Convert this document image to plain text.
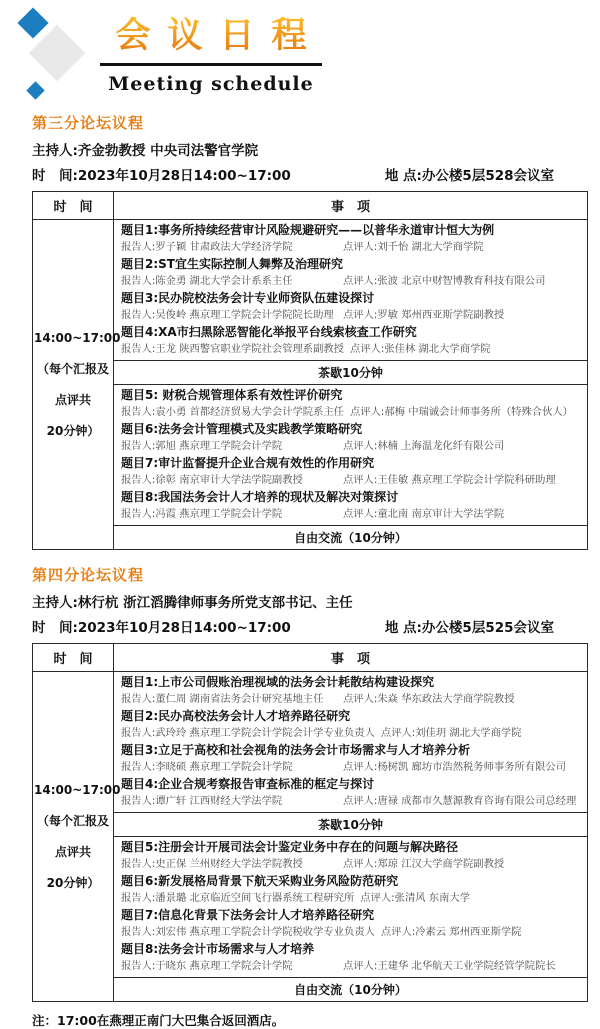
会议日程
Meeting schedule
第三分论坛议程
主持人:齐金勃教授 中央司法警官学院
时　间:2023年10月28日14:00~17:00	地 点:办公楼5层528会议室
时　间	事　项

14:00~17:00
（每个汇报及
点评共
20分钟）

题目1:事务所持续经营审计风险规避研究——以普华永道审计恒大为例
报告人:罗子颖 甘肃政法大学经济学院	点评人:刘千怡 湖北大学商学院
题目2:ST宜生实际控制人舞弊及治理研究
报告人:陈金勇 湖北大学会计系系主任	点评人:张波 北京中财智博教育科技有限公司
题目3:民办院校法务会计专业师资队伍建设探讨
报告人:吴俊岭 燕京理工学院会计学院院长助理 点评人:罗敏 郑州西亚斯学院副教授
题目4:XA市扫黑除恶智能化举报平台线索核查工作研究
报告人:王龙 陕西警官职业学院社会管理系副教授 点评人:张佳林 湖北大学商学院

	茶歇10分钟

题目5: 财税合规管理体系有效性评价研究
报告人:袁小勇 首都经济贸易大学会计学院系主任 点评人:郝梅 中瑞诚会计师事务所（特殊合伙人）
题目6:法务会计管理模式及实践教学策略研究
报告人:郭旭 燕京理工学院会计学院	点评人:林楠 上海温龙化纤有限公司
题目7:审计监督提升企业合规有效性的作用研究
报告人:徐彰 南京审计大学法学院副教授	点评人:王佳敏 燕京理工学院会计学院科研助理
题目8:我国法务会计人才培养的现状及解决对策探讨
报告人:冯霞 燕京理工学院会计学院	点评人:童北南 南京审计大学法学院

	自由交流（10分钟）
第四分论坛议程
主持人:林行杭 浙江滔腾律师事务所党支部书记、主任
时　间:2023年10月28日14:00~17:00	地 点:办公楼5层525会议室
时　间	事　项

14:00~17:00
（每个汇报及
点评共
20分钟）

题目1:上市公司假账治理视域的法务会计耗散结构建设探究
报告人:董仁周 湖南省法务会计研究基地主任	点评人:朱焱 华东政法大学商学院教授
题目2:民办高校法务会计人才培养路径研究
报告人:武玲玲 燕京理工学院会计学院会计学专业负责人 点评人:刘佳玥 湖北大学商学院
题目3:立足于高校和社会视角的法务会计市场需求与人才培养分析
报告人:李晓硕 燕京理工学院会计学院	点评人:杨树凯 廊坊市浩然税务师事务所有限公司
题目4:企业合规考察报告审查标准的框定与探讨
报告人:谭广轩 江西财经大学法学院	点评人:唐禄 成都市久慧源教育咨询有限公司总经理

	茶歇10分钟

题目5:注册会计开展司法会计鉴定业务中存在的问题与解决路径
报告人:史正保 兰州财经大学法学院教授	点评人:郑琼 江汉大学商学院副教授
题目6:新发展格局背景下航天采购业务风险防范研究
报告人:潘景璐 北京临近空间飞行器系统工程研究所 点评人:张清风 东南大学
题目7:信息化背景下法务会计人才培养路径研究
报告人:刘宏伟 燕京理工学院会计学院税收学专业负责人 点评人:冷素云 郑州西亚斯学院
题目8:法务会计市场需求与人才培养
报告人:于晓东 燕京理工学院会计学院	点评人:王建华 北华航天工业学院经管学院院长

	自由交流（10分钟）
注：17:00在燕理正南门大巴集合返回酒店。
